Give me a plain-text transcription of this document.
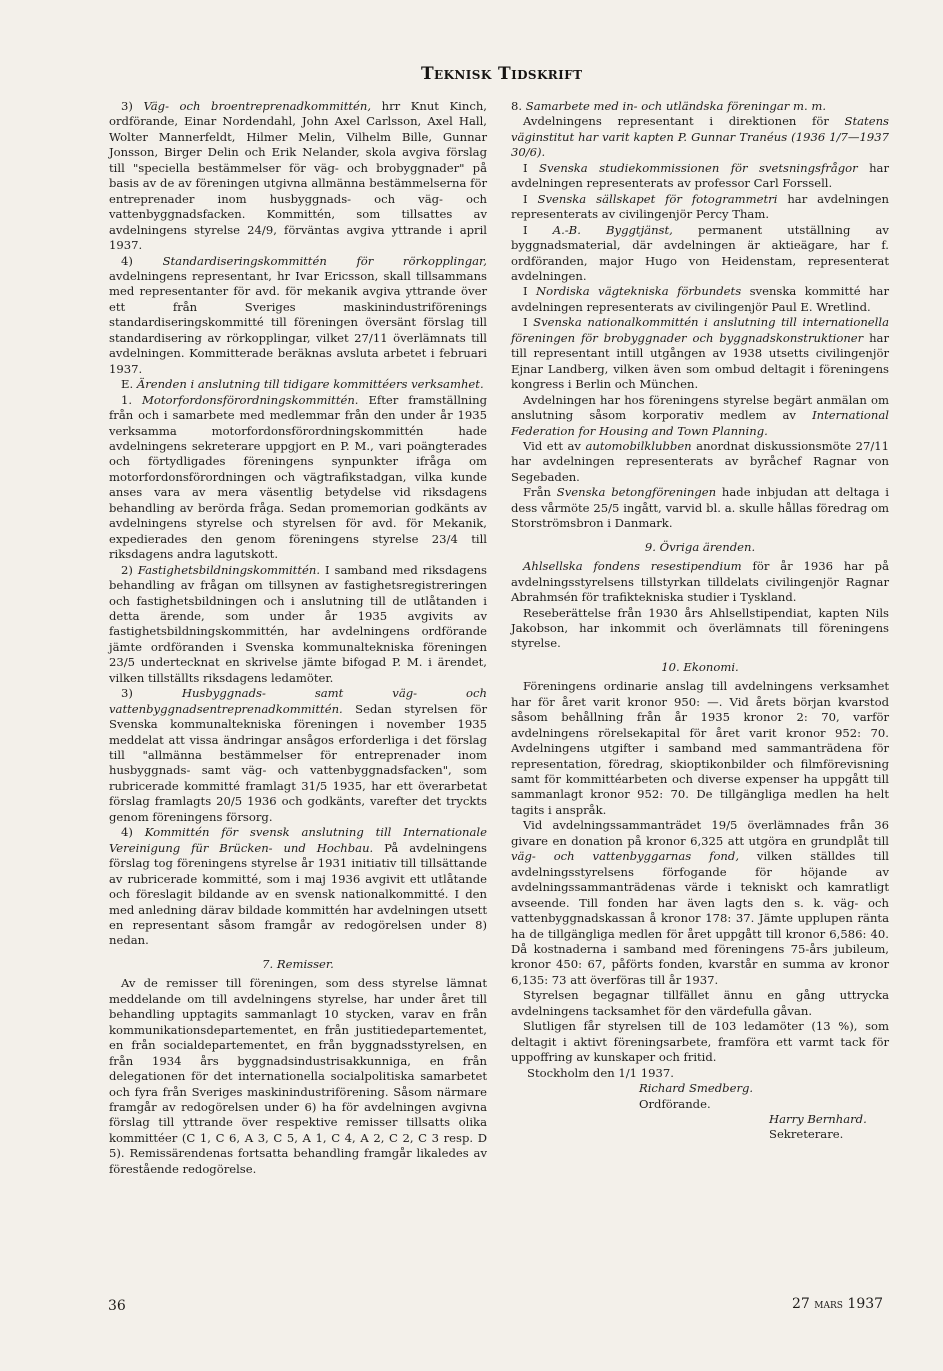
Teknisk Tidskrift

3) Väg- och broentreprenadkommittén, hrr Knut Kinch, ordförande, Einar Nordendahl, John Axel Carlsson, Axel Hall, Wolter Mannerfeldt, Hilmer Melin, Vilhelm Bille, Gunnar Jonsson, Birger Delin och Erik Nelander, skola avgiva förslag till "speciella bestämmelser för väg- och brobyggnader" på basis av de av föreningen utgivna allmänna bestämmelserna för entreprenader inom husbyggnads- och väg- och vattenbyggnadsfacken. Kommittén, som tillsattes av avdelningens styrelse 24/9, förväntas avgiva yttrande i april 1937.

4) Standardiseringskommittén för rörkopplingar, avdelningens representant, hr Ivar Ericsson, skall tillsammans med representanter för avd. för mekanik avgiva yttrande över ett från Sveriges maskinindustriförenings standardiseringskommitté till föreningen översänt förslag till standardisering av rörkopplingar, vilket 27/11 överlämnats till avdelningen. Kommitterade beräknas avsluta arbetet i februari 1937.

E. Ärenden i anslutning till tidigare kommittéers verksamhet.

1. Motorfordonsförordningskommittén. Efter framställning från och i samarbete med medlemmar från den under år 1935 verksamma motorfordonsförordningskommittén hade avdelningens sekreterare uppgjort en P. M., vari poängterades och förtydligades föreningens synpunkter ifråga om motorfordonsförordningen och vägtrafikstadgan, vilka kunde anses vara av mera väsentlig betydelse vid riksdagens behandling av berörda fråga. Sedan promemorian godkänts av avdelningens styrelse och styrelsen för avd. för Mekanik, expedierades den genom föreningens styrelse 23/4 till riksdagens andra lagutskott.

2) Fastighetsbildningskommittén. I samband med riksdagens behandling av frågan om tillsynen av fastighetsregistreringen och fastighetsbildningen och i anslutning till de utlåtanden i detta ärende, som under år 1935 avgivits av fastighetsbildningskommittén, har avdelningens ordförande jämte ordföranden i Svenska kommunaltekniska föreningen 23/5 undertecknat en skrivelse jämte bifogad P. M. i ärendet, vilken tillställts riksdagens ledamöter.

3) Husbyggnads- samt väg- och vattenbyggnadsentreprenadkommittén. Sedan styrelsen för Svenska kommunaltekniska föreningen i november 1935 meddelat att vissa ändringar ansågos erforderliga i det förslag till "allmänna bestämmelser för entreprenader inom husbyggnads- samt väg- och vattenbyggnadsfacken", som rubricerade kommitté framlagt 31/5 1935, har ett överarbetat förslag framlagts 20/5 1936 och godkänts, varefter det tryckts genom föreningens försorg.

4) Kommittén för svensk anslutning till Internationale Vereinigung für Brücken- und Hochbau. På avdelningens förslag tog föreningens styrelse år 1931 initiativ till tillsättande av rubricerade kommitté, som i maj 1936 avgivit ett utlåtande och föreslagit bildande av en svensk nationalkommitté. I den med anledning därav bildade kommittén har avdelningen utsett en representant såsom framgår av redogörelsen under 8) nedan.

7. Remisser.

Av de remisser till föreningen, som dess styrelse lämnat meddelande om till avdelningens styrelse, har under året till behandling upptagits sammanlagt 10 stycken, varav en från kommunikationsdepartementet, en från justitiedepartementet, en från socialdepartementet, en från byggnadsstyrelsen, en från 1934 års byggnadsindustrisakkunniga, en från delegationen för det internationella socialpolitiska samarbetet och fyra från Sveriges maskinindustriförening. Såsom närmare framgår av redogörelsen under 6) ha för avdelningen avgivna förslag till yttrande över respektive remisser tillsatts olika kommittéer (C 1, C 6, A 3, C 5, A 1, C 4, A 2, C 2, C 3 resp. D 5). Remissärendenas fortsatta behandling framgår likaledes av förestående redogörelse.

8. Samarbete med in- och utländska föreningar m. m.

Avdelningens representant i direktionen för Statens väginstitut har varit kapten P. Gunnar Tranéus (1936 1/7—1937 30/6).

I Svenska studiekommissionen för svetsningsfrågor har avdelningen representerats av professor Carl Forssell.

I Svenska sällskapet för fotogrammetri har avdelningen representerats av civilingenjör Percy Tham.

I A.-B. Byggtjänst, permanent utställning av byggnadsmaterial, där avdelningen är aktieägare, har f. ordföranden, major Hugo von Heidenstam, representerat avdelningen.

I Nordiska vägtekniska förbundets svenska kommitté har avdelningen representerats av civilingenjör Paul E. Wretlind.

I Svenska nationalkommittén i anslutning till internationella föreningen för brobyggnader och byggnadskonstruktioner har till representant intill utgången av 1938 utsetts civilingenjör Ejnar Landberg, vilken även som ombud deltagit i föreningens kongress i Berlin och München.

Avdelningen har hos föreningens styrelse begärt anmälan om anslutning såsom korporativ medlem av International Federation for Housing and Town Planning.

Vid ett av automobilklubben anordnat diskussionsmöte 27/11 har avdelningen representerats av byråchef Ragnar von Segebaden.

Från Svenska betongföreningen hade inbjudan att deltaga i dess vårmöte 25/5 ingått, varvid bl. a. skulle hållas föredrag om Storströmsbron i Danmark.

9. Övriga ärenden.

Ahlsellska fondens resestipendium för år 1936 har på avdelningsstyrelsens tillstyrkan tilldelats civilingenjör Ragnar Abrahmsén för trafiktekniska studier i Tyskland.

Reseberättelse från 1930 års Ahlsellstipendiat, kapten Nils Jakobson, har inkommit och överlämnats till föreningens styrelse.

10. Ekonomi.

Föreningens ordinarie anslag till avdelningens verksamhet har för året varit kronor 950: —. Vid årets början kvarstod såsom behållning från år 1935 kronor 2: 70, varför avdelningens rörelsekapital för året varit kronor 952: 70. Avdelningens utgifter i samband med sammanträdena för representation, föredrag, skioptikonbilder och filmförevisning samt för kommittéarbeten och diverse expenser ha uppgått till sammanlagt kronor 952: 70. De tillgängliga medlen ha helt tagits i anspråk.

Vid avdelningssammanträdet 19/5 överlämnades från 36 givare en donation på kronor 6,325 att utgöra en grundplåt till väg- och vattenbyggarnas fond, vilken ställdes till avdelningsstyrelsens förfogande för höjande av avdelningssammanträdenas värde i tekniskt och kamratligt avseende. Till fonden har även lagts den s. k. väg- och vattenbyggnadskassan å kronor 178: 37. Jämte upplupen ränta ha de tillgängliga medlen för året uppgått till kronor 6,586: 40. Då kostnaderna i samband med föreningens 75-års jubileum, kronor 450: 67, påförts fonden, kvarstår en summa av kronor 6,135: 73 att överföras till år 1937.

Styrelsen begagnar tillfället ännu en gång uttrycka avdelningens tacksamhet för den värdefulla gåvan.

Slutligen får styrelsen till de 103 ledamöter (13 %), som deltagit i aktivt föreningsarbete, framföra ett varmt tack för uppoffring av kunskaper och fritid.

Stockholm den 1/1 1937.

Richard Smedberg.

Ordförande.

Harry Bernhard.

Sekreterare.

36	27 mars 1937
